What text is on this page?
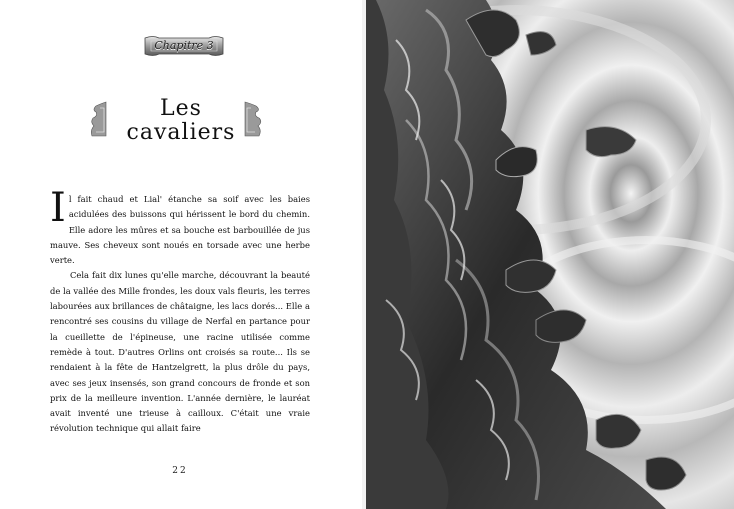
Chapitre 3
Les
cavaliers

Il fait chaud et Lial' étanche sa soif avec les baies acidulées des buissons qui hérissent le bord du chemin. Elle adore les mûres et sa bouche est barbouillée de jus mauve. Ses cheveux sont noués en torsade avec une herbe verte.

Cela fait dix lunes qu'elle marche, découvrant la beauté de la vallée des Mille frondes, les doux vals fleuris, les terres labourées aux brillances de châtaigne, les lacs dorés... Elle a rencontré ses cousins du village de Nerfal en partance pour la cueillette de l'épineuse, une racine utilisée comme remède à tout. D'autres Orlins ont croisés sa route... Ils se rendaient à la fête de Hantzelgrett, la plus drôle du pays, avec ses jeux insensés, son grand concours de fronde et son prix de la meilleure invention. L'année dernière, le lauréat avait inventé une trieuse à cailloux. C'était une vraie révolution technique qui allait faire

22
